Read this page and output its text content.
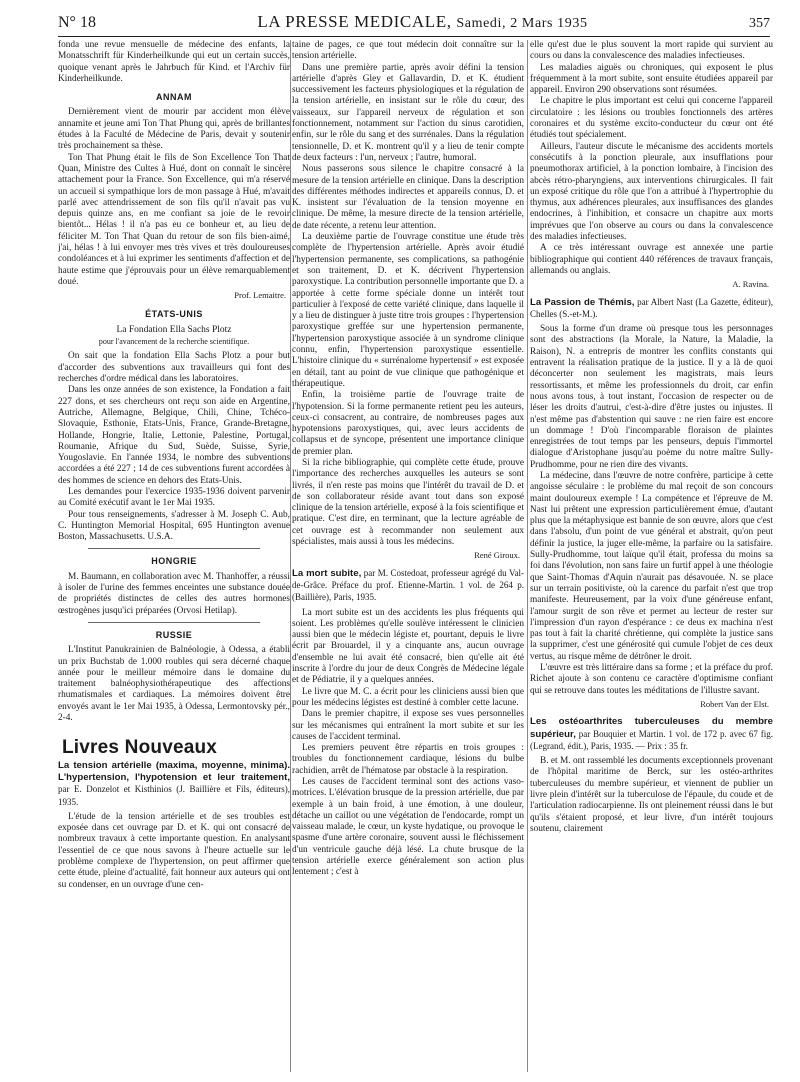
N° 18	LA PRESSE MEDICALE, Samedi, 2 Mars 1935	357

fonda une revue mensuelle de médecine des enfants, la Monatsschrift für Kinderheilkunde qui eut un certain succès, quoique venant après le Jahrbuch für Kind. et l'Archiv für Kinderheilkunde.

ANNAM

Dernièrement vient de mourir par accident mon élève annamite et jeune ami Ton That Phung qui, après de brillantes études à la Faculté de Médecine de Paris, devait y soutenir très prochainement sa thèse.

Ton That Phung était le fils de Son Excellence Ton That Quan, Ministre des Cultes à Hué, dont on connaît le sincère attachement pour la France. Son Excellence, qui m'a réservé un accueil si sympathique lors de mon passage à Hué, m'avait parlé avec attendrissement de son fils qu'il n'avait pas vu depuis quinze ans, en me confiant sa joie de le revoir bientôt... Hélas ! il n'a pas eu ce bonheur et, au lieu de féliciter M. Ton That Quan du retour de son fils bien-aimé, j'ai, hélas ! à lui envoyer mes très vives et très douloureuses condoléances et à lui exprimer les sentiments d'affection et de haute estime que j'éprouvais pour un élève remarquablement doué.

Prof. Lemaitre.
ÉTATS-UNIS
La Fondation Ella Sachs Plotz
pour l'avancement de la recherche scientifique.

On sait que la fondation Ella Sachs Plotz a pour but d'accorder des subventions aux travailleurs qui font des recherches d'ordre médical dans les laboratoires.

Dans les onze années de son existence, la Fondation a fait 227 dons, et ses chercheurs ont reçu son aide en Argentine, Autriche, Allemagne, Belgique, Chili, Chine, Tchéco-Slovaquie, Esthonie, Etats-Unis, France, Grande-Bretagne, Hollande, Hongrie, Italie, Lettonie, Palestine, Portugal, Roumanie, Afrique du Sud, Suède, Suisse, Syrie, Yougoslavie. En l'année 1934, le nombre des subventions accordées a été 227 ; 14 de ces subventions furent accordées à des hommes de science en dehors des Etats-Unis.

Les demandes pour l'exercice 1935-1936 doivent parvenir au Comité exécutif avant le 1er Mai 1935.

Pour tous renseignements, s'adresser à M. Joseph C. Aub, C. Huntington Memorial Hospital, 695 Huntington avenue Boston, Massachusetts. U.S.A.

HONGRIE

M. Baumann, en collaboration avec M. Thanhoffer, a réussi à isoler de l'urine des femmes enceintes une substance douée de propriétés distinctes de celles des autres hormones œstrogènes jusqu'ici préparées (Orvosi Hetilap).

RUSSIE

L'Institut Panukrainien de Balnéologie, à Odessa, a établi un prix Buchstab de 1.000 roubles qui sera décerné chaque année pour le meilleur mémoire dans le domaine du traitement balnéophysiothérapeutique des affections rhumatismales et cardiaques. La mémoires doivent être envoyés avant le 1er Mai 1935, à Odessa, Lermontovsky pér., 2-4.

Livres Nouveaux

La tension artérielle (maxima, moyenne, minima). L'hypertension, l'hypotension et leur traitement, par E. Donzelot et Kisthinios (J. Baillière et Fils, éditeurs), 1935.

L'étude de la tension artérielle et de ses troubles est exposée dans cet ouvrage par D. et K. qui ont consacré de nombreux travaux à cette importante question. En analysant l'essentiel de ce que nous savons à l'heure actuelle sur le problème complexe de l'hypertension, on peut affirmer que cette étude, pleine d'actualité, fait honneur aux auteurs qui ont su condenser, en un ouvrage d'une cen-

taine de pages, ce que tout médecin doit connaître sur la tension artérielle.

Dans une première partie, après avoir défini la tension artérielle d'après Gley et Gallavardin, D. et K. étudient successivement les facteurs physiologiques et la régulation de la tension artérielle, en insistant sur le rôle du cœur, des vaisseaux, sur l'appareil nerveux de régulation et son fonctionnement, notamment sur l'action du sinus carotidien, enfin, sur le rôle du sang et des surrénales. Dans la régulation tensionnelle, D. et K. montrent qu'il y a lieu de tenir compte de deux facteurs : l'un, nerveux ; l'autre, humoral.

Nous passerons sous silence le chapitre consacré à la mesure de la tension artérielle en clinique. Dans la description des différentes méthodes indirectes et appareils connus, D. et K. insistent sur l'évaluation de la tension moyenne en clinique. De même, la mesure directe de la tension artérielle, de date récente, a retenu leur attention.

La deuxième partie de l'ouvrage constitue une étude très complète de l'hypertension artérielle. Après avoir étudié l'hypertension permanente, ses complications, sa pathogénie et son traitement, D. et K. décrivent l'hypertension paroxystique. La contribution personnelle importante que D. a apportée à cette forme spéciale donne un intérêt tout particulier à l'exposé de cette variété clinique, dans laquelle il y a lieu de distinguer à juste titre trois groupes : l'hypertension paroxystique greffée sur une hypertension permanente, l'hypertension paroxystique associée à un syndrome clinique connu, enfin, l'hypertension paroxystique essentielle. L'histoire clinique du « surrénalome hypertensif » est exposée en détail, tant au point de vue clinique que pathogénique et thérapeutique.

Enfin, la troisième partie de l'ouvrage traite de l'hypotension. Si la forme permanente retient peu les auteurs, ceux-ci consacrent, au contraire, de nombreuses pages aux hypotensions paroxystiques, qui, avec leurs accidents de collapsus et de syncope, présentent une importance clinique de premier plan.

Si la riche bibliographie, qui complète cette étude, prouve l'importance des recherches auxquelles les auteurs se sont livrés, il n'en reste pas moins que l'intérêt du travail de D. et de son collaborateur réside avant tout dans son exposé clinique de la tension artérielle, exposé à la fois scientifique et pratique. C'est dire, en terminant, que la lecture agréable de cet ouvrage est à recommander non seulement aux spécialistes, mais aussi à tous les médecins.

René Giroux.

La mort subite, par M. Costedoat, professeur agrégé du Val-de-Grâce. Préface du prof. Etienne-Martin. 1 vol. de 264 p. (Baillière), Paris, 1935.

La mort subite est un des accidents les plus fréquents qui soient. Les problèmes qu'elle soulève intéressent le clinicien aussi bien que le médecin légiste et, pourtant, depuis le livre écrit par Brouardel, il y a cinquante ans, aucun ouvrage d'ensemble ne lui avait été consacré, bien qu'elle ait été inscrite à l'ordre du jour de deux Congrès de Médecine légale et de Pédiatrie, il y a quelques années.

Le livre que M. C. a écrit pour les cliniciens aussi bien que pour les médecins légistes est destiné à combler cette lacune.

Dans le premier chapitre, il expose ses vues personnelles sur les mécanismes qui entraînent la mort subite et sur les causes de l'accident terminal.

Les premiers peuvent être répartis en trois groupes : troubles du fonctionnement cardiaque, lésions du bulbe rachidien, arrêt de l'hématose par obstacle à la respiration.

Les causes de l'accident terminal sont des actions vaso-motrices. L'élévation brusque de la pression artérielle, due par exemple à un bain froid, à une émotion, à une douleur, détache un caillot ou une végétation de l'endocarde, rompt un vaisseau malade, le cœur, un kyste hydatique, ou provoque le spasme d'une artère coronaire, souvent aussi le fléchissement d'un ventricule gauche déjà lésé. La chute brusque de la tension artérielle exerce généralement son action plus lentement ; c'est à

elle qu'est due le plus souvent la mort rapide qui survient au cours ou dans la convalescence des maladies infectieuses.

Les maladies aiguës ou chroniques, qui exposent le plus fréquemment à la mort subite, sont ensuite étudiées appareil par appareil. Environ 290 observations sont résumées.

Le chapitre le plus important est celui qui concerne l'appareil circulatoire : les lésions ou troubles fonctionnels des artères coronaires et du système excito-conducteur du cœur ont été étudiés tout spécialement.

Ailleurs, l'auteur discute le mécanisme des accidents mortels consécutifs à la ponction pleurale, aux insufflations pour pneumothorax artificiel, à la ponction lombaire, à l'incision des abcès rétro-pharyngiens, aux interventions chirurgicales. Il fait un exposé critique du rôle que l'on a attribué à l'hypertrophie du thymus, aux adhérences pleurales, aux insuffisances des glandes endocrines, à l'inhibition, et consacre un chapitre aux morts imprévues que l'on observe au cours ou dans la convalescence des maladies infectieuses.

A ce très intéressant ouvrage est annexée une partie bibliographique qui contient 440 références de travaux français, allemands ou anglais.

A. Ravina.

La Passion de Thémis, par Albert Nast (La Gazette, éditeur), Chelles (S.-et-M.).

Sous la forme d'un drame où presque tous les personnages sont des abstractions (la Morale, la Nature, la Maladie, la Raison), N. a entrepris de montrer les conflits constants qui entravent la réalisation pratique de la justice. Il y a là de quoi déconcerter non seulement les magistrats, mais leurs ressortissants, et même les professionnels du droit, car enfin nous avons tous, à tout instant, l'occasion de respecter ou de léser les droits d'autrui, c'est-à-dire d'être justes ou injustes. Il n'est même pas d'abstention qui sauve : ne rien faire est encore un dommage ! D'où l'incomparable floraison de plaintes enregistrées de tout temps par les penseurs, depuis l'immortel dialogue d'Aristophane jusqu'au poème du notre maître Sully-Prudhomme, pour ne rien dire des vivants.

La médecine, dans l'œuvre de notre confrère, participe à cette angoisse séculaire : le problème du mal reçoit de son concours maint douloureux exemple ! La compétence et l'épreuve de M. Nast lui prêtent une expression particulièrement émue, d'autant plus que la métaphysique est bannie de son œuvre, alors que c'est dans l'absolu, d'un point de vue général et abstrait, qu'on peut définir la justice, la juger elle-même, la parfaire ou la satisfaire. Sully-Prudhomme, tout laïque qu'il était, professa du moins sa foi dans l'évolution, non sans faire un furtif appel à une théologie que Saint-Thomas d'Aquin n'aurait pas désavouée. N. se place sur un terrain positiviste, où la carence du parfait n'est que trop manifeste. Heureusement, par la voix d'une généreuse enfant, l'amour surgit de son rêve et permet au lecteur de rester sur l'impression d'un rayon d'espérance : ce deus ex machina n'est pas tout à fait la charité chrétienne, qui complète la justice sans la supprimer, c'est une générosité qui cumule l'objet de ces deux vertus, au risque même de détrôner le droit.

L'œuvre est très littéraire dans sa forme ; et la préface du prof. Richet ajoute à son contenu ce caractère d'optimisme confiant qui se retrouve dans toutes les méditations de l'illustre savant.

Robert Van der Elst.

Les ostéoarthrites tuberculeuses du membre supérieur, par Bouquier et Martin. 1 vol. de 172 p. avec 67 fig. (Legrand, édit.), Paris, 1935. — Prix : 35 fr.

B. et M. ont rassemblé les documents exceptionnels provenant de l'hôpital maritime de Berck, sur les ostéo-arthrites tuberculeuses du membre supérieur, et viennent de publier un livre plein d'intérêt sur la tuberculose de l'épaule, du coude et de l'articulation radiocarpienne. Ils ont pleinement réussi dans le but qu'ils s'étaient proposé, et leur livre, d'un intérêt toujours soutenu, clairement
